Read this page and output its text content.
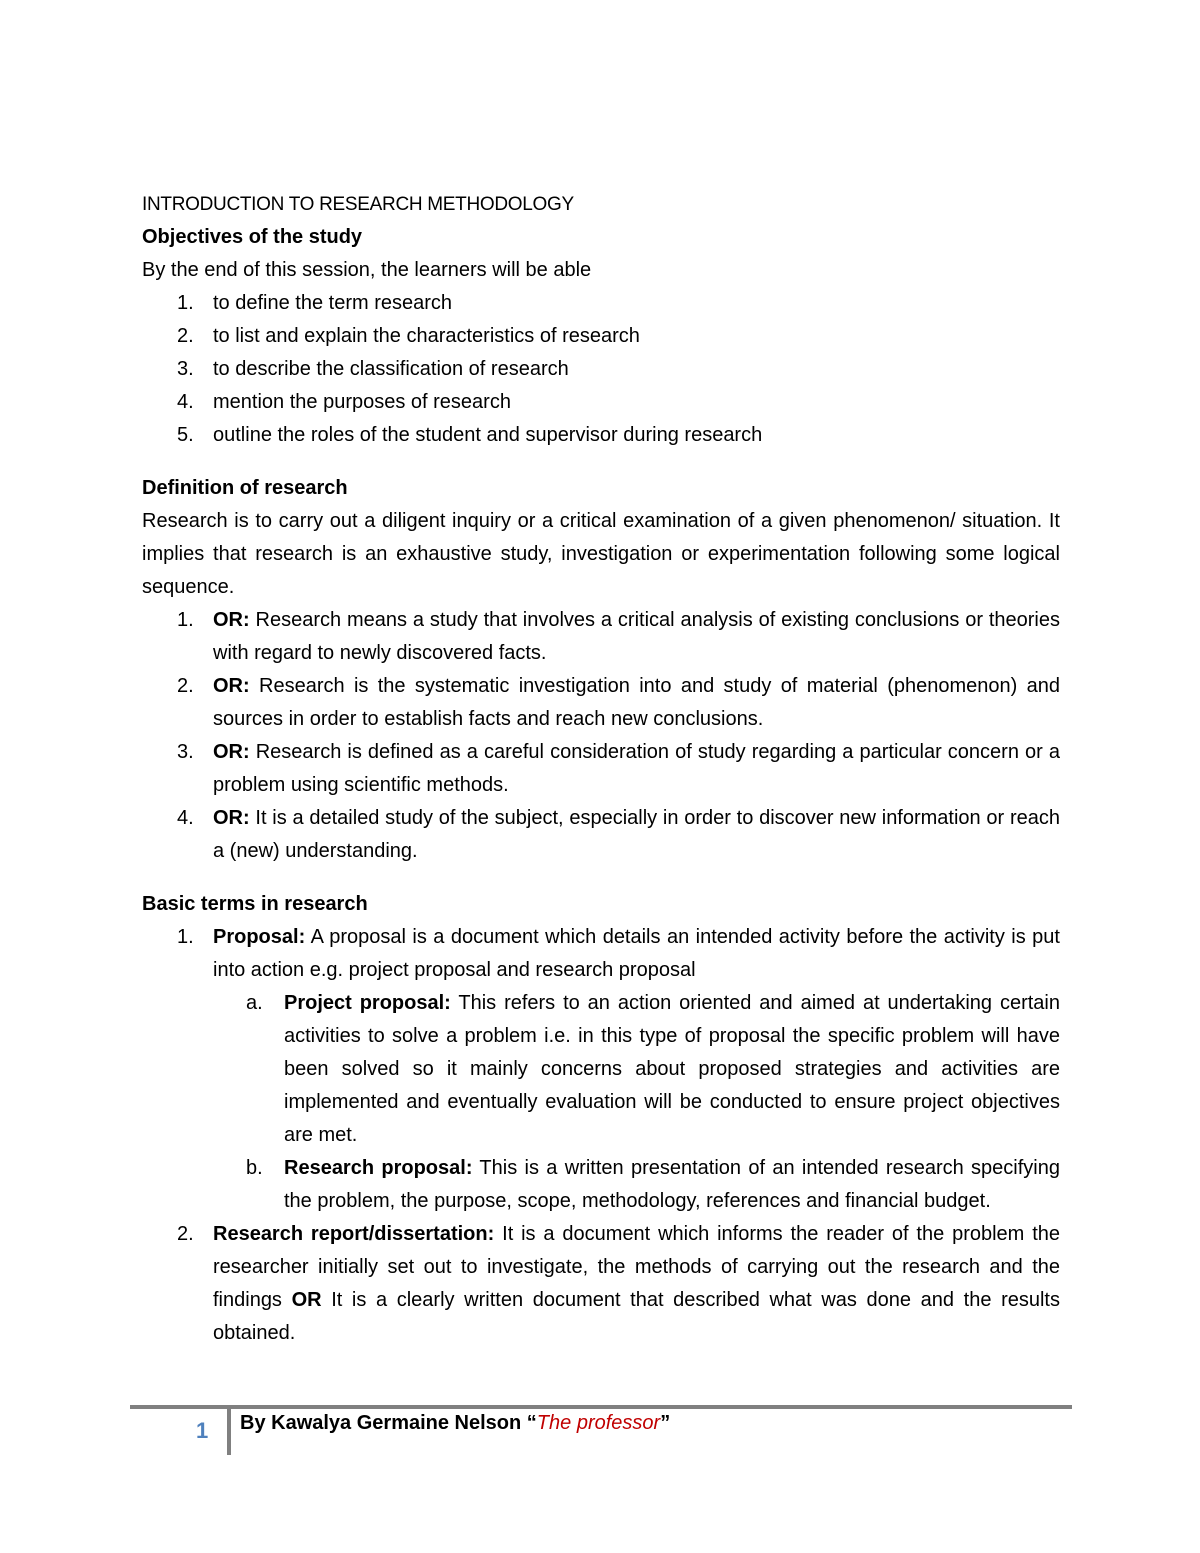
INTRODUCTION TO RESEARCH METHODOLOGY

Objectives of the study

By the end of this session, the learners will be able

1. to define the term research
2. to list and explain the characteristics of research
3. to describe the classification of research
4. mention the purposes of research
5. outline the roles of the student and supervisor during research

Definition of research

Research is to carry out a diligent inquiry or a critical examination of a given phenomenon/ situation. It implies that research is an exhaustive study, investigation or experimentation following some logical sequence.

1. OR: Research means a study that involves a critical analysis of existing conclusions or theories with regard to newly discovered facts.
2. OR: Research is the systematic investigation into and study of material (phenomenon) and sources in order to establish facts and reach new conclusions.
3. OR: Research is defined as a careful consideration of study regarding a particular concern or a problem using scientific methods.
4. OR: It is a detailed study of the subject, especially in order to discover new information or reach a (new) understanding.

Basic terms in research

1. Proposal: A proposal is a document which details an intended activity before the activity is put into action e.g. project proposal and research proposal
a. Project proposal: This refers to an action oriented and aimed at undertaking certain activities to solve a problem i.e. in this type of proposal the specific problem will have been solved so it mainly concerns about proposed strategies and activities are implemented and eventually evaluation will be conducted to ensure project objectives are met.
b. Research proposal: This is a written presentation of an intended research specifying the problem, the purpose, scope, methodology, references and financial budget.
2. Research report/dissertation: It is a document which informs the reader of the problem the researcher initially set out to investigate, the methods of carrying out the research and the findings OR It is a clearly written document that described what was done and the results obtained.
1 By Kawalya Germaine Nelson “The professor”
